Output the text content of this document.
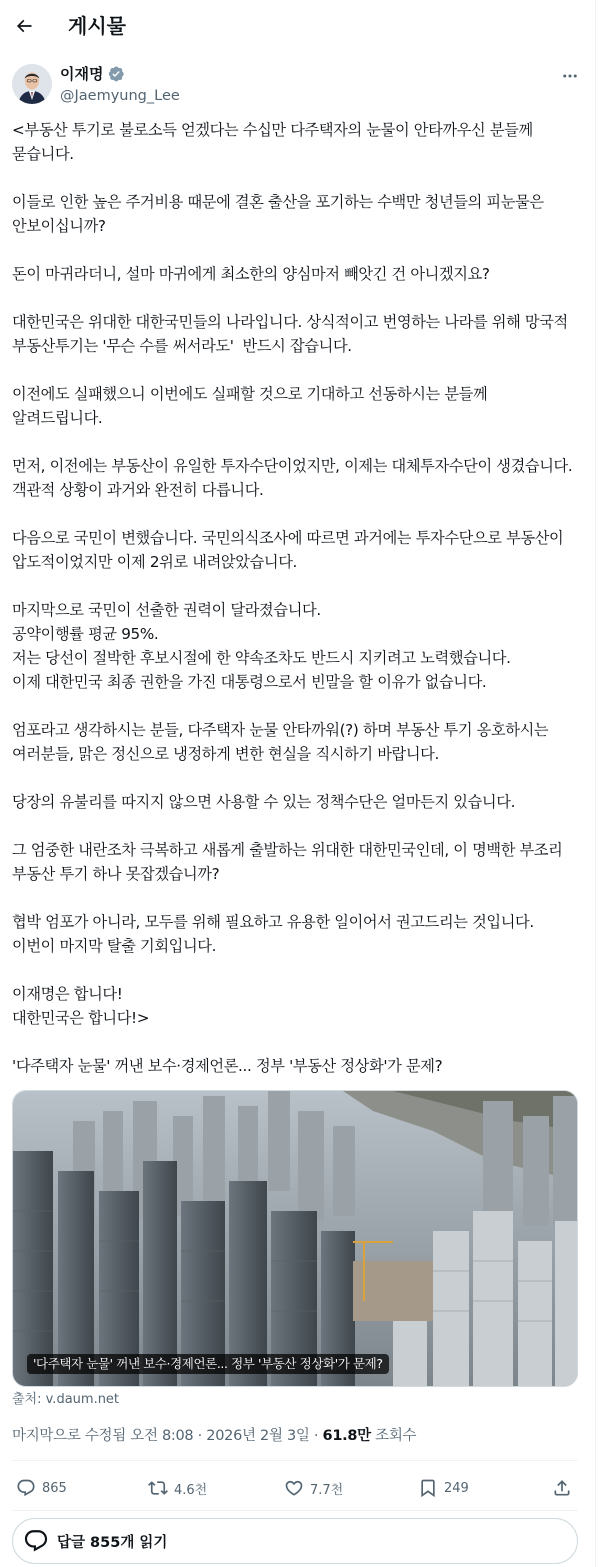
게시물
이재명
@Jaemyung_Lee

<부동산 투기로 불로소득 얻겠다는 수십만 다주택자의 눈물이 안타까우신 분들께 묻습니다.

이들로 인한 높은 주거비용 때문에 결혼 출산을 포기하는 수백만 청년들의 피눈물은 안보이십니까?

돈이 마귀라더니, 설마 마귀에게 최소한의 양심마저 빼앗긴 건 아니겠지요?

대한민국은 위대한 대한국민들의 나라입니다. 상식적이고 번영하는 나라를 위해 망국적 부동산투기는 '무슨 수를 써서라도'  반드시 잡습니다.

이전에도 실패했으니 이번에도 실패할 것으로 기대하고 선동하시는 분들께 알려드립니다.

먼저, 이전에는 부동산이 유일한 투자수단이었지만, 이제는 대체투자수단이 생겼습니다. 객관적 상황이 과거와 완전히 다릅니다.

다음으로 국민이 변했습니다. 국민의식조사에 따르면 과거에는 투자수단으로 부동산이 압도적이었지만 이제 2위로 내려앉았습니다.

마지막으로 국민이 선출한 권력이 달라졌습니다.
공약이행률 평균 95%.
저는 당선이 절박한 후보시절에 한 약속조차도 반드시 지키려고 노력했습니다.
이제 대한민국 최종 권한을 가진 대통령으로서 빈말을 할 이유가 없습니다.

엄포라고 생각하시는 분들, 다주택자 눈물 안타까워(?) 하며 부동산 투기 옹호하시는 여러분들, 맑은 정신으로 냉정하게 변한 현실을 직시하기 바랍니다.

당장의 유불리를 따지지 않으면 사용할 수 있는 정책수단은 얼마든지 있습니다.

그 엄중한 내란조차 극복하고 새롭게 출발하는 위대한 대한민국인데, 이 명백한 부조리 부동산 투기 하나 못잡겠습니까?

협박 엄포가 아니라, 모두를 위해 필요하고 유용한 일이어서 권고드리는 것입니다.
이번이 마지막 탈출 기회입니다.

이재명은 합니다!
대한민국은 합니다!>

'다주택자 눈물' 꺼낸 보수·경제언론... 정부 '부동산 정상화'가 문제?

'다주택자 눈물' 꺼낸 보수·경제언론... 정부 '부동산 정상화'가 문제?
출처: v.daum.net
마지막으로 수정됨 오전 8:08 · 2026년 2월 3일 · 61.8만 조회수
865	4.6천	7.7천	249
답글 855개 읽기
